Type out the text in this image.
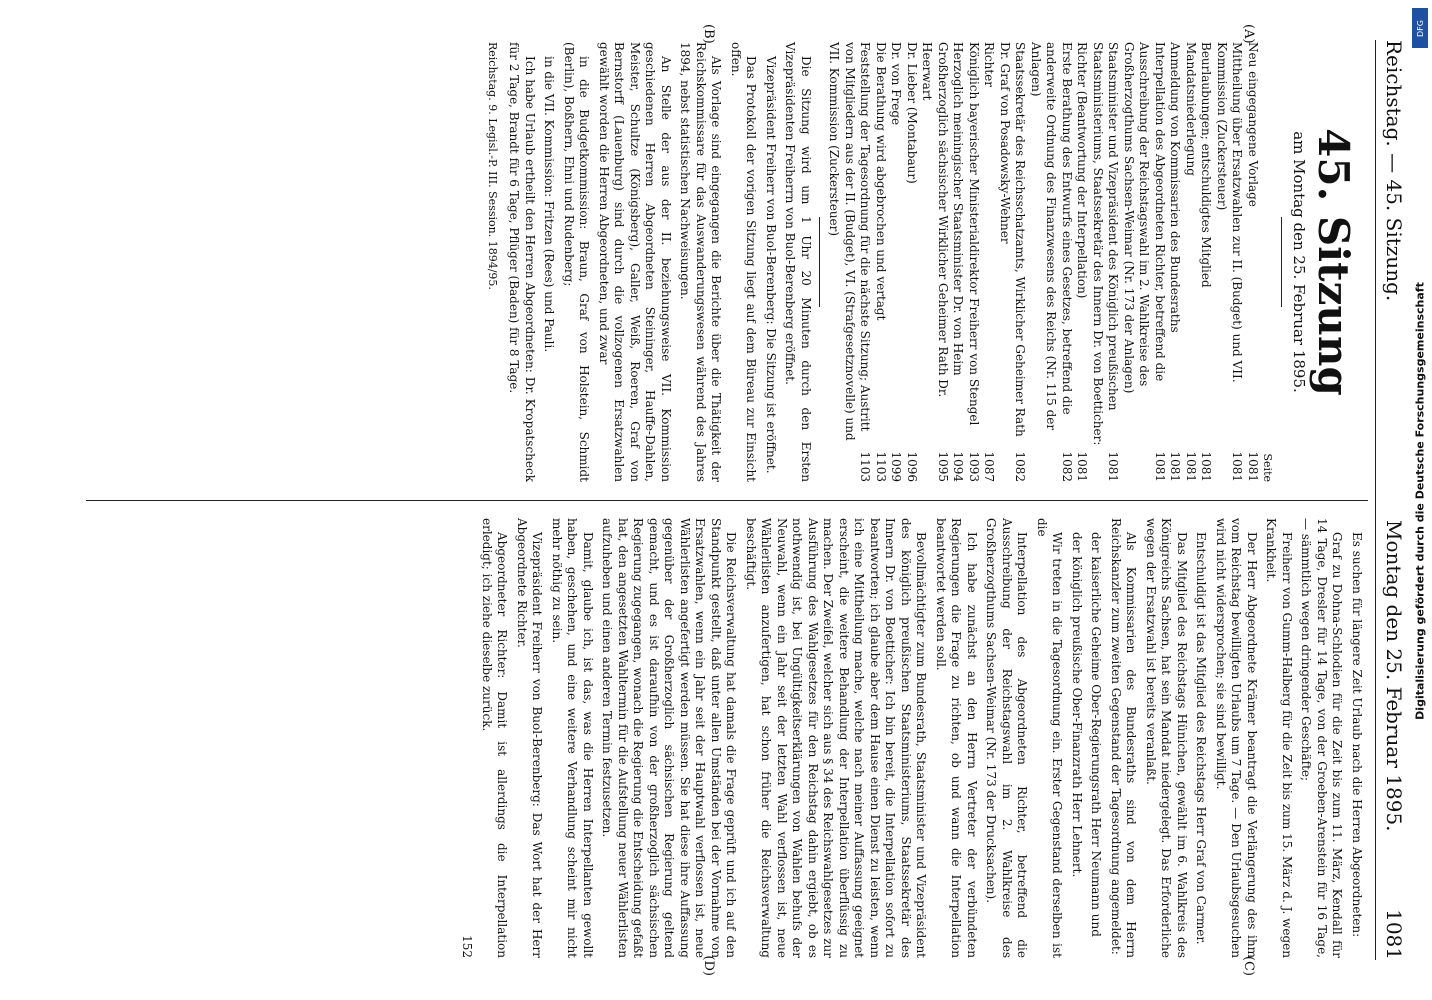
Reichstag. — 45. Sitzung.
Montag den 25. Februar 1895.
1081
(A)
(B)
(C)
(D)
45. Sitzung
am Montag den 25. Februar 1895.
Seite
Neu eingegangene Vorlage
1081
Mittheilung über Ersatzwahlen zur II. (Budget) und VII. Kommission (Zuckersteuer)
1081
Beurlaubungen; entschuldigtes Mitglied
1081
Mandatsniederlegung
1081
Anmeldung von Kommissarien des Bundesraths
1081
Interpellation des Abgeordneten Richter, betreffend die Ausschreibung der Reichstagswahl im 2. Wahlkreise des Großherzogthums Sachsen-Weimar (Nr. 173 der Anlagen)
1081
Staatsminister und Vizepräsident des Königlich preußischen Staatsministeriums, Staatssekretär des Innern Dr. von Boetticher:
1081
Richter (Beantwortung der Interpellation)
1081
Erste Berathung des Entwurfs eines Gesetzes, betreffend die anderweite Ordnung des Finanzwesens des Reichs (Nr. 115 der Anlagen)
1082
Staatssekretär des Reichsschatzamts, Wirklicher Geheimer Rath Dr. Graf von Posadowsky-Wehner
1082
Richter
1087
Königlich bayerischer Ministerialdirektor Freiherr von Stengel
1093
Herzoglich meiningischer Staatsminister Dr. von Heim
1094
Großherzoglich sächsischer Wirklicher Geheimer Rath Dr. Heerwart
1095
Dr. Lieber (Montabaur)
1096
Dr. von Frege
1099
Die Berathung wird abgebrochen und vertagt
1103
Feststellung der Tagesordnung für die nächste Sitzung; Austritt von Mitgliedern aus der II. (Budget), VI. (Strafgesetznovelle) und VII. Kommission (Zuckersteuer)
1103

Die Sitzung wird um 1 Uhr 20 Minuten durch den Ersten Vizepräsidenten Freiherrn von Buol-Berenberg eröffnet.

Vizepräsident Freiherr von Buol-Berenberg: Die Sitzung ist eröffnet.

Das Protokoll der vorigen Sitzung liegt auf dem Büreau zur Einsicht offen.

Als Vorlage sind eingegangen die Berichte über die Thätigkeit der Reichskommissare für das Auswanderungswesen während des Jahres 1894, nebst statistischen Nachweisungen.

An Stelle der aus der II. beziehungsweise VII. Kommission geschiedenen Herren Abgeordneten Steininger, Hauffe-Dahlen, Meister, Schultze (Königsberg), Galler, Weiß, Roeren, Graf von Bernstorff (Lauenburg) sind durch die vollzogenen Ersatzwahlen gewählt worden die Herren Abgeordneten, und zwar

in die Budgetkommission: Braun, Graf von Holstein, Schmidt (Berlin), Boßhern, Ehni und Rudenberg;

in die VII. Kommission: Fritzen (Rees) und Pauli.

Ich habe Urlaub ertheilt den Herren Abgeordneten: Dr. Kropatscheck für 2 Tage, Brandt für 6 Tage, Pflüger (Baden) für 8 Tage.

Reichstag. 9. Legisl.-P. III. Session. 1894/95.

Es suchen für längere Zeit Urlaub nach die Herren Abgeordneten:

Graf zu Dohna-Schlodien für die Zeit bis zum 11. März, Kendall für 14 Tage, Dresler für 14 Tage, von der Groeben-Arenstein für 16 Tage, — sämmtlich wegen dringender Geschäfte;

Freiherr von Gumm-Halberg für die Zeit bis zum 15. März d. J. wegen Krankheit.

Der Herr Abgeordnete Krämer beantragt die Verlängerung des ihm vom Reichstag bewilligten Urlaubs um 7 Tage. — Den Urlaubsgesuchen wird nicht widersprochen; sie sind bewilligt.

Entschuldigt ist das Mitglied des Reichstags Herr Graf von Carmer.

Das Mitglied des Reichstags Hünichen, gewählt im 6. Wahlkreis des Königreichs Sachsen, hat sein Mandat niedergelegt. Das Erforderliche wegen der Ersatzwahl ist bereits veranlaßt.

Als Kommissarien des Bundesraths sind von dem Herrn Reichskanzler zum zweiten Gegenstand der Tagesordnung angemeldet:

der kaiserliche Geheime Ober-Regierungsrath Herr Neumann und

der königlich preußische Ober-Finanzrath Herr Lehnert.

Wir treten in die Tagesordnung ein. Erster Gegenstand derselben ist die

Interpellation des Abgeordneten Richter, betreffend die Ausschreibung der Reichstagswahl im 2. Wahlkreise des Großherzogthums Sachsen-Weimar (Nr. 173 der Drucksachen).

Ich habe zunächst an den Herrn Vertreter der verbündeten Regierungen die Frage zu richten, ob und wann die Interpellation beantwortet werden soll.

Bevollmächtigter zum Bundesrath, Staatsminister und Vizepräsident des königlich preußischen Staatsministeriums, Staatssekretär des Innern Dr. von Boetticher: Ich bin bereit, die Interpellation sofort zu beantworten; ich glaube aber dem Hause einen Dienst zu leisten, wenn ich eine Mittheilung mache, welche nach meiner Auffassung geeignet erscheint, die weitere Behandlung der Interpellation überflüssig zu machen. Der Zweifel, welcher sich aus § 34 des Reichswahlgesetzes zur Ausführung des Wahlgesetzes für den Reichstag dahin ergiebt, ob es nothwendig ist, bei Ungültigkeitserklärungen von Wahlen behufs der Neuwahl, wenn ein Jahr seit der letzten Wahl verflossen ist, neue Wählerlisten anzufertigen, hat schon früher die Reichsverwaltung beschäftigt.

Die Reichsverwaltung hat damals die Frage geprüft und ich auf den Standpunkt gestellt, daß unter allen Umständen bei der Vornahme von Ersatzwahlen, wenn ein Jahr seit der Hauptwahl verflossen ist, neue Wählerlisten angefertigt werden müssen. Sie hat diese ihre Auffassung gegenüber der Großherzoglich sächsischen Regierung geltend gemacht, und es ist daraufhin von der großherzoglich sächsischen Regierung zugegangen, wonach die Regierung die Entscheidung gefaßt hat, den angesetzten Wahltermin für die Aufstellung neuer Wählerlisten aufzuheben und einen anderen Termin festzusetzen.

Damit, glaube ich, ist das, was die Herren Interpellanten gewollt haben, geschehen, und eine weitere Verhandlung scheint mir nicht mehr nöthig zu sein.

Vizepräsident Freiherr von Buol-Berenberg: Das Wort hat der Herr Abgeordnete Richter.

Abgeordneter Richter: Damit ist allerdings die Interpellation erledigt; ich ziehe dieselbe zurück.

152
DFG
Digitalisierung gefördert durch die Deutsche Forschungsgemeinschaft
